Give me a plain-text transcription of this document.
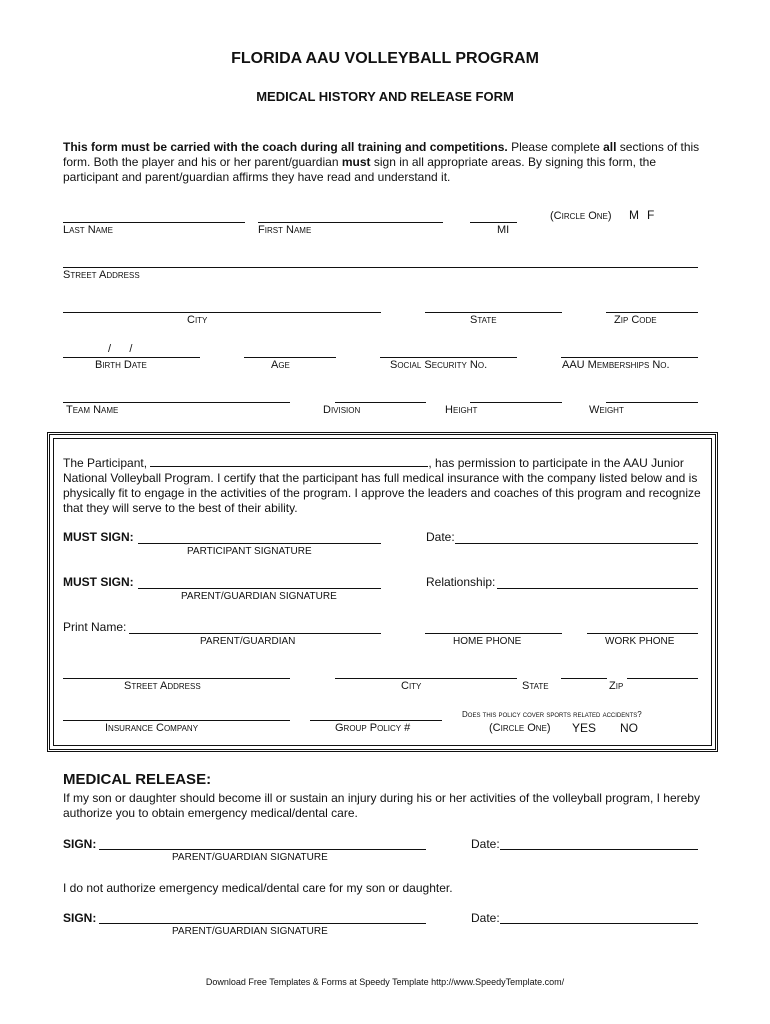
FLORIDA AAU VOLLEYBALL PROGRAM
MEDICAL HISTORY AND RELEASE FORM
This form must be carried with the coach during all training and competitions. Please complete all sections of this form. Both the player and his or her parent/guardian must sign in all appropriate areas. By signing this form, the participant and parent/guardian affirms they have read and understand it.
Last Name	First Name	MI
(Circle One) M F
Street Address
City	State	Zip Code
/      /
Birth Date	Age	Social Security No.	AAU Memberships No.
Team Name	Division	Height	Weight
The Participant,	, has permission to participate in the AAU Junior National Volleyball Program. I certify that the participant has full medical insurance with the company listed below and is physically fit to engage in the activities of the program. I approve the leaders and coaches of this program and recognize that they will serve to the best of their ability.
MUST SIGN:
PARTICIPANT SIGNATURE
Date:
MUST SIGN:
PARENT/GUARDIAN SIGNATURE
Relationship:
Print Name:
PARENT/GUARDIAN	HOME PHONE	WORK PHONE
Street Address	City	State	Zip
Insurance Company	Group Policy #
Does this policy cover sports related accidents?
(Circle One) YES NO
MEDICAL RELEASE:
If my son or daughter should become ill or sustain an injury during his or her activities of the volleyball program, I hereby authorize you to obtain emergency medical/dental care.
SIGN:
PARENT/GUARDIAN SIGNATURE
Date:
I do not authorize emergency medical/dental care for my son or daughter.
SIGN:
PARENT/GUARDIAN SIGNATURE
Date:
Download Free Templates & Forms at Speedy Template http://www.SpeedyTemplate.com/
